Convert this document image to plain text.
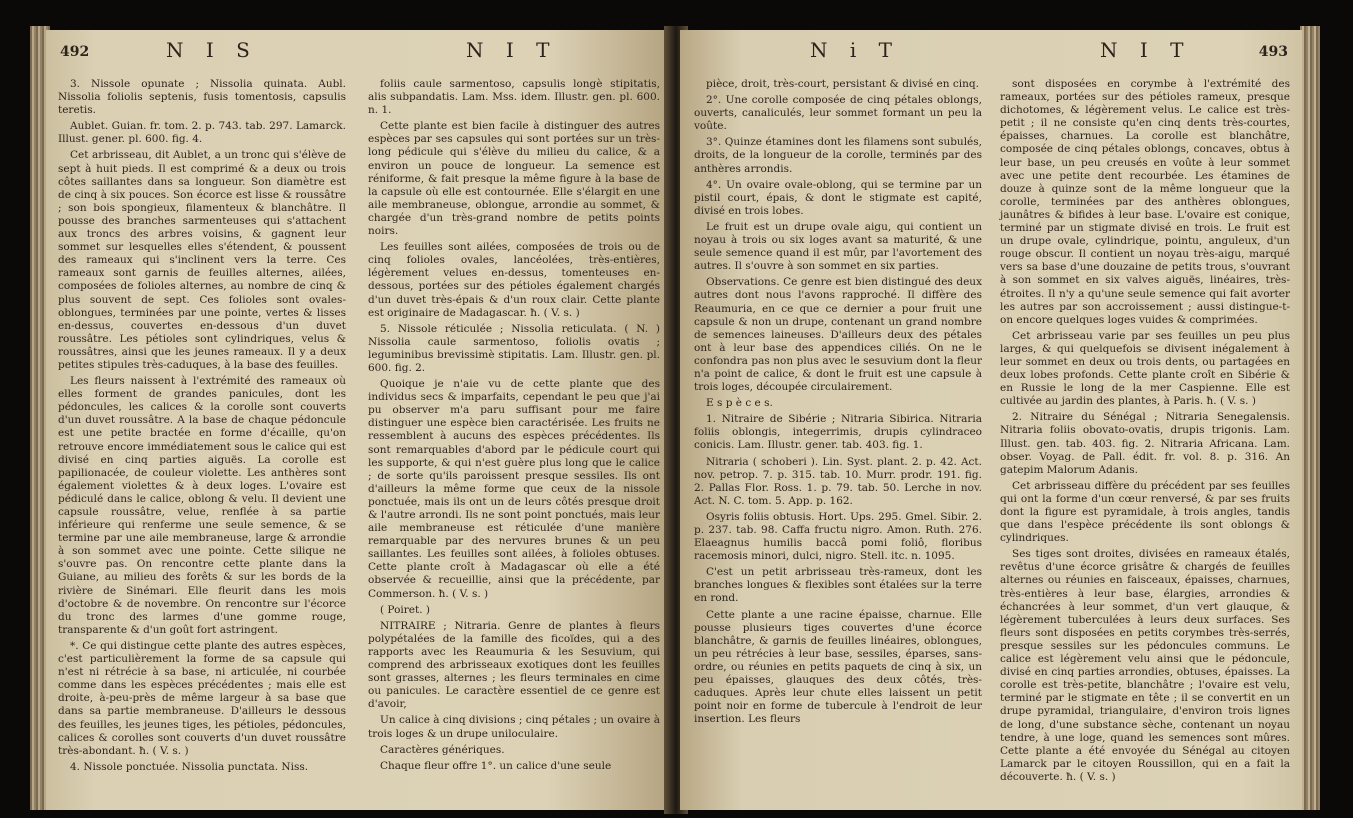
492	N I S	N I T

3. Nissole opunate ; Nissolia quinata. Aubl. Nissolia foliolis septenis, fusis tomentosis, capsulis teretis.

Aublet. Guian. fr. tom. 2. p. 743. tab. 297. Lamarck. Illust. gener. pl. 600. fig. 4.

Cet arbrisseau, dit Aublet, a un tronc qui s'élève de sept à huit pieds. Il est comprimé & a deux ou trois côtes saillantes dans sa longueur. Son diamètre est de cinq à six pouces. Son écorce est lisse & roussâtre ; son bois spongieux, filamenteux & blanchâtre. Il pousse des branches sarmenteuses qui s'attachent aux troncs des arbres voisins, & gagnent leur sommet sur lesquelles elles s'étendent, & poussent des rameaux qui s'inclinent vers la terre. Ces rameaux sont garnis de feuilles alternes, ailées, composées de folioles alternes, au nombre de cinq & plus souvent de sept. Ces folioles sont ovales-oblongues, terminées par une pointe, vertes & lisses en-dessus, couvertes en-dessous d'un duvet roussâtre. Les pétioles sont cylindriques, velus & roussâtres, ainsi que les jeunes rameaux. Il y a deux petites stipules très-caduques, à la base des feuilles.

Les fleurs naissent à l'extrémité des rameaux où elles forment de grandes panicules, dont les pédoncules, les calices & la corolle sont couverts d'un duvet roussâtre. A la base de chaque pédoncule est une petite bractée en forme d'écaille, qu'on retrouve encore immédiatement sous le calice qui est divisé en cinq parties aiguës. La corolle est papilionacée, de couleur violette. Les anthères sont également violettes & à deux loges. L'ovaire est pédiculé dans le calice, oblong & velu. Il devient une capsule roussâtre, velue, renflée à sa partie inférieure qui renferme une seule semence, & se termine par une aile membraneuse, large & arrondie à son sommet avec une pointe. Cette silique ne s'ouvre pas. On rencontre cette plante dans la Guiane, au milieu des forêts & sur les bords de la rivière de Sinémari. Elle fleurit dans les mois d'octobre & de novembre. On rencontre sur l'écorce du tronc des larmes d'une gomme rouge, transparente & d'un goût fort astringent.

*. Ce qui distingue cette plante des autres espèces, c'est particulièrement la forme de sa capsule qui n'est ni rétrécie à sa base, ni articulée, ni courbée comme dans les espèces précédentes ; mais elle est droite, à-peu-près de même largeur à sa base que dans sa partie membraneuse. D'ailleurs le dessous des feuilles, les jeunes tiges, les pétioles, pédoncules, calices & corolles sont couverts d'un duvet roussâtre très-abondant. ħ. ( V. s. )

4. Nissole ponctuée. Nissolia punctata. Niss.

foliis caule sarmentoso, capsulis longè stipitatis, alis subpandatis. Lam. Mss. idem. Illustr. gen. pl. 600. n. 1.

Cette plante est bien facile à distinguer des autres espèces par ses capsules qui sont portées sur un très-long pédicule qui s'élève du milieu du calice, & a environ un pouce de longueur. La semence est réniforme, & fait presque la même figure à la base de la capsule où elle est contournée. Elle s'élargit en une aile membraneuse, oblongue, arrondie au sommet, & chargée d'un très-grand nombre de petits points noirs.

Les feuilles sont ailées, composées de trois ou de cinq folioles ovales, lancéolées, très-entières, légèrement velues en-dessus, tomenteuses en-dessous, portées sur des pétioles également chargés d'un duvet très-épais & d'un roux clair. Cette plante est originaire de Madagascar. ħ. ( V. s. )

5. Nissole réticulée ; Nissolia reticulata. ( N. ) Nissolia caule sarmentoso, foliolis ovatis ; leguminibus brevissimè stipitatis. Lam. Illustr. gen. pl. 600. fig. 2.

Quoique je n'aie vu de cette plante que des individus secs & imparfaits, cependant le peu que j'ai pu observer m'a paru suffisant pour me faire distinguer une espèce bien caractérisée. Les fruits ne ressemblent à aucuns des espèces précédentes. Ils sont remarquables d'abord par le pédicule court qui les supporte, & qui n'est guère plus long que le calice ; de sorte qu'ils paroissent presque sessiles. Ils ont d'ailleurs la même forme que ceux de la nissole ponctuée, mais ils ont un de leurs côtés presque droit & l'autre arrondi. Ils ne sont point ponctués, mais leur aile membraneuse est réticulée d'une manière remarquable par des nervures brunes & un peu saillantes. Les feuilles sont ailées, à folioles obtuses. Cette plante croît à Madagascar où elle a été observée & recueillie, ainsi que la précédente, par Commerson. ħ. ( V. s. )

( Poiret. )

NITRAIRE ; Nitraria. Genre de plantes à fleurs polypétalées de la famille des ficoïdes, qui a des rapports avec les Reaumuria & les Sesuvium, qui comprend des arbrisseaux exotiques dont les feuilles sont grasses, alternes ; les fleurs terminales en cime ou panicules. Le caractère essentiel de ce genre est d'avoir,

Un calice à cinq divisions ; cinq pétales ; un ovaire à trois loges & un drupe uniloculaire.

Caractères génériques.

Chaque fleur offre 1°. un calice d'une seule

N i T	N I T	493

pièce, droit, très-court, persistant & divisé en cinq.

2°. Une corolle composée de cinq pétales oblongs, ouverts, canaliculés, leur sommet formant un peu la voûte.

3°. Quinze étamines dont les filamens sont subulés, droits, de la longueur de la corolle, terminés par des anthères arrondis.

4°. Un ovaire ovale-oblong, qui se termine par un pistil court, épais, & dont le stigmate est capité, divisé en trois lobes.

Le fruit est un drupe ovale aigu, qui contient un noyau à trois ou six loges avant sa maturité, & une seule semence quand il est mûr, par l'avortement des autres. Il s'ouvre à son sommet en six parties.

Observations. Ce genre est bien distingué des deux autres dont nous l'avons rapproché. Il diffère des Reaumuria, en ce que ce dernier a pour fruit une capsule & non un drupe, contenant un grand nombre de semences laineuses. D'ailleurs deux des pétales ont à leur base des appendices ciliés. On ne le confondra pas non plus avec le sesuvium dont la fleur n'a point de calice, & dont le fruit est une capsule à trois loges, découpée circulairement.

E s p è c e s.

1. Nitraire de Sibérie ; Nitraria Sibirica. Nitraria foliis oblongis, integerrimis, drupis cylindraceo conicis. Lam. Illustr. gener. tab. 403. fig. 1.

Nitraria ( schoberi ). Lin. Syst. plant. 2. p. 42. Act. nov. petrop. 7. p. 315. tab. 10. Murr. prodr. 191. fig. 2. Pallas Flor. Ross. 1. p. 79. tab. 50. Lerche in nov. Act. N. C. tom. 5. App. p. 162.

Osyris foliis obtusis. Hort. Ups. 295. Gmel. Sibir. 2. p. 237. tab. 98. Caffa fructu nigro. Amon. Ruth. 276. Elaeagnus humilis baccâ pomi foliô, floribus racemosis minori, dulci, nigro. Stell. itc. n. 1095.

C'est un petit arbrisseau très-rameux, dont les branches longues & flexibles sont étalées sur la terre en rond.

Cette plante a une racine épaisse, charnue. Elle pousse plusieurs tiges couvertes d'une écorce blanchâtre, & garnis de feuilles linéaires, oblongues, un peu rétrécies à leur base, sessiles, éparses, sans-ordre, ou réunies en petits paquets de cinq à six, un peu épaisses, glauques des deux côtés, très-caduques. Après leur chute elles laissent un petit point noir en forme de tubercule à l'endroit de leur insertion. Les fleurs

sont disposées en corymbe à l'extrémité des rameaux, portées sur des pétioles rameux, presque dichotomes, & légèrement velus. Le calice est très-petit ; il ne consiste qu'en cinq dents très-courtes, épaisses, charnues. La corolle est blanchâtre, composée de cinq pétales oblongs, concaves, obtus à leur base, un peu creusés en voûte à leur sommet avec une petite dent recourbée. Les étamines de douze à quinze sont de la même longueur que la corolle, terminées par des anthères oblongues, jaunâtres & bifides à leur base. L'ovaire est conique, terminé par un stigmate divisé en trois. Le fruit est un drupe ovale, cylindrique, pointu, anguleux, d'un rouge obscur. Il contient un noyau très-aigu, marqué vers sa base d'une douzaine de petits trous, s'ouvrant à son sommet en six valves aiguës, linéaires, très-étroites. Il n'y a qu'une seule semence qui fait avorter les autres par son accroissement ; aussi distingue-t-on encore quelques loges vuides & comprimées.

Cet arbrisseau varie par ses feuilles un peu plus larges, & qui quelquefois se divisent inégalement à leur sommet en deux ou trois dents, ou partagées en deux lobes profonds. Cette plante croît en Sibérie & en Russie le long de la mer Caspienne. Elle est cultivée au jardin des plantes, à Paris. ħ. ( V. s. )

2. Nitraire du Sénégal ; Nitraria Senegalensis. Nitraria foliis obovato-ovatis, drupis trigonis. Lam. Illust. gen. tab. 403. fig. 2. Nitraria Africana. Lam. obser. Voyag. de Pall. édit. fr. vol. 8. p. 316. An gatepim Malorum Adanis.

Cet arbrisseau diffère du précédent par ses feuilles qui ont la forme d'un cœur renversé, & par ses fruits dont la figure est pyramidale, à trois angles, tandis que dans l'espèce précédente ils sont oblongs & cylindriques.

Ses tiges sont droites, divisées en rameaux étalés, revêtus d'une écorce grisâtre & chargés de feuilles alternes ou réunies en faisceaux, épaisses, charnues, très-entières à leur base, élargies, arrondies & échancrées à leur sommet, d'un vert glauque, & légèrement tuberculées à leurs deux surfaces. Ses fleurs sont disposées en petits corymbes très-serrés, presque sessiles sur les pédoncules communs. Le calice est légèrement velu ainsi que le pédoncule, divisé en cinq parties arrondies, obtuses, épaisses. La corolle est très-petite, blanchâtre ; l'ovaire est velu, terminé par le stigmate en tête ; il se convertit en un drupe pyramidal, triangulaire, d'environ trois lignes de long, d'une substance sèche, contenant un noyau tendre, à une loge, quand les semences sont mûres. Cette plante a été envoyée du Sénégal au citoyen Lamarck par le citoyen Roussillon, qui en a fait la découverte. ħ. ( V. s. )
